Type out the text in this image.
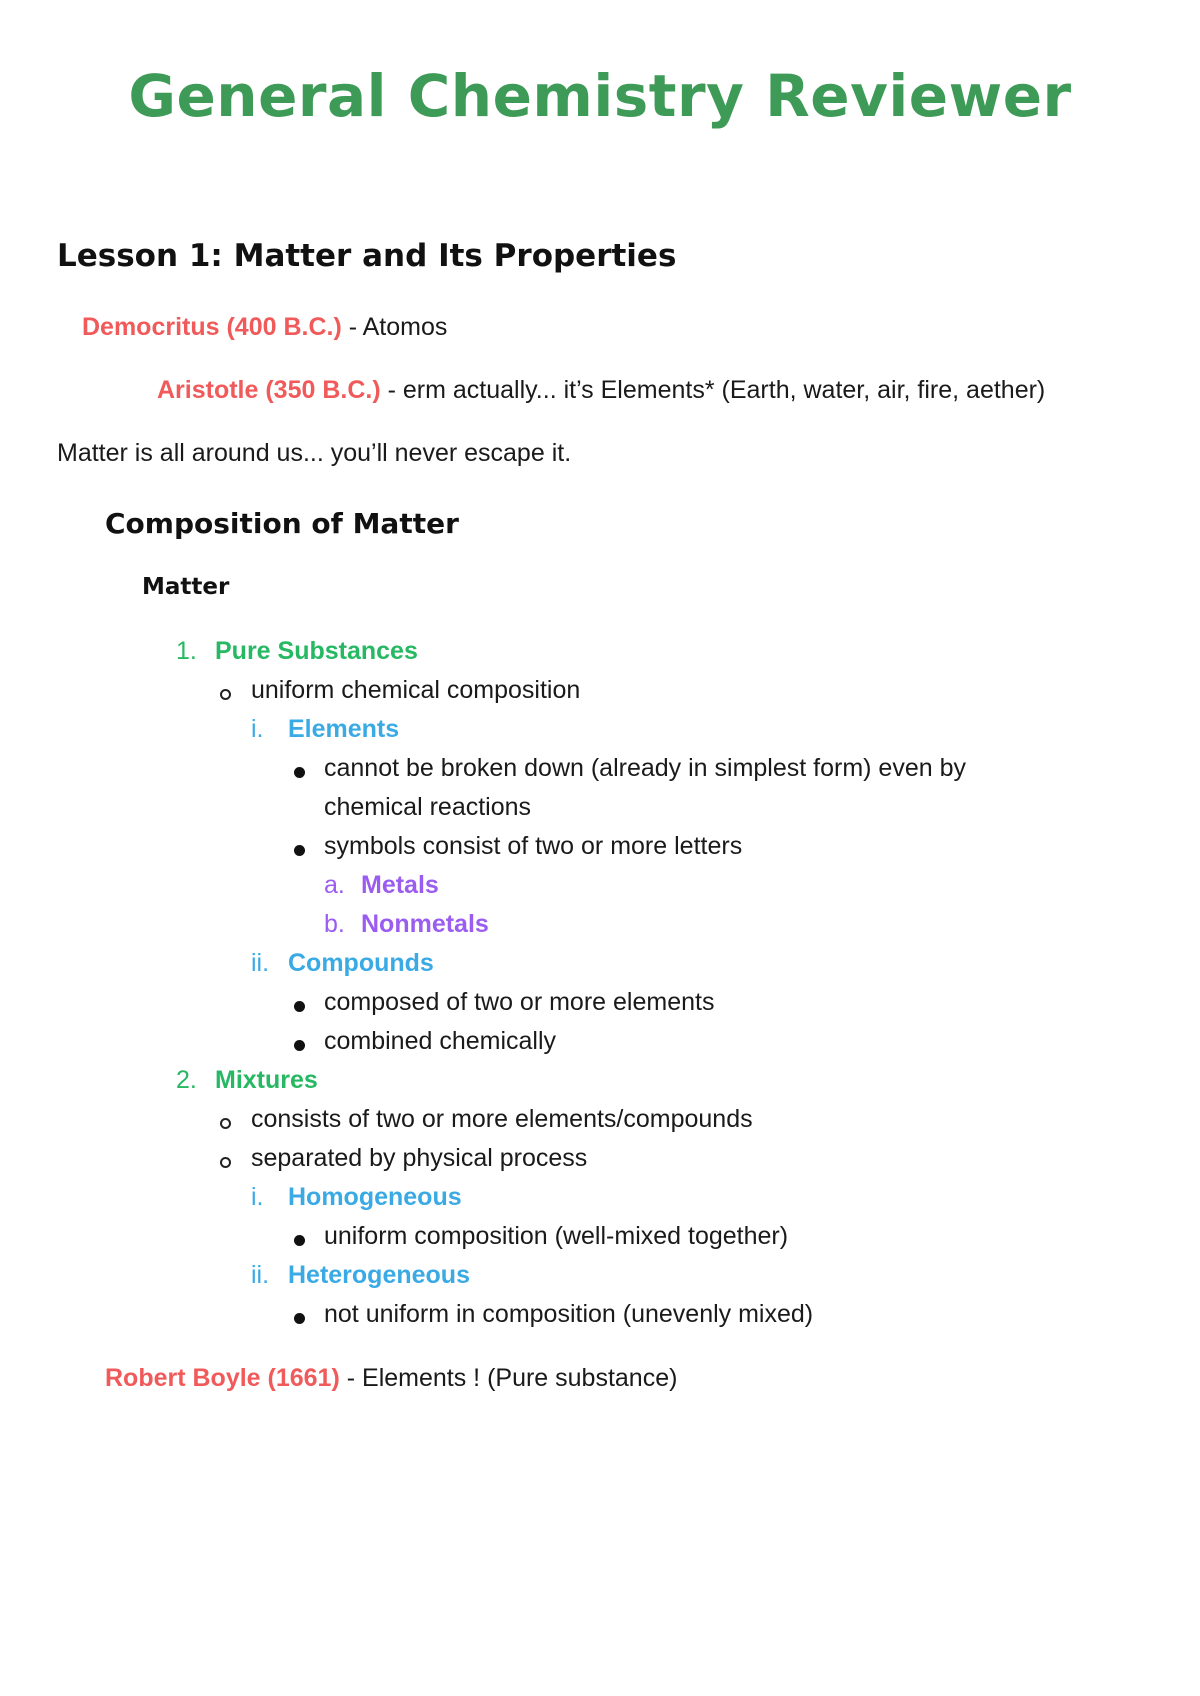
General Chemistry Reviewer
Lesson 1: Matter and Its Properties
Democritus (400 B.C.) - Atomos
Aristotle (350 B.C.) - erm actually... it’s Elements* (Earth, water, air, fire, aether)
Matter is all around us... you’ll never escape it.
Composition of Matter
Matter
1. Pure Substances
uniform chemical composition
i. Elements
cannot be broken down (already in simplest form) even by
chemical reactions
symbols consist of two or more letters
a. Metals
b. Nonmetals
ii. Compounds
composed of two or more elements
combined chemically
2. Mixtures
consists of two or more elements/compounds
separated by physical process
i. Homogeneous
uniform composition (well-mixed together)
ii. Heterogeneous
not uniform in composition (unevenly mixed)
Robert Boyle (1661) - Elements ! (Pure substance)
